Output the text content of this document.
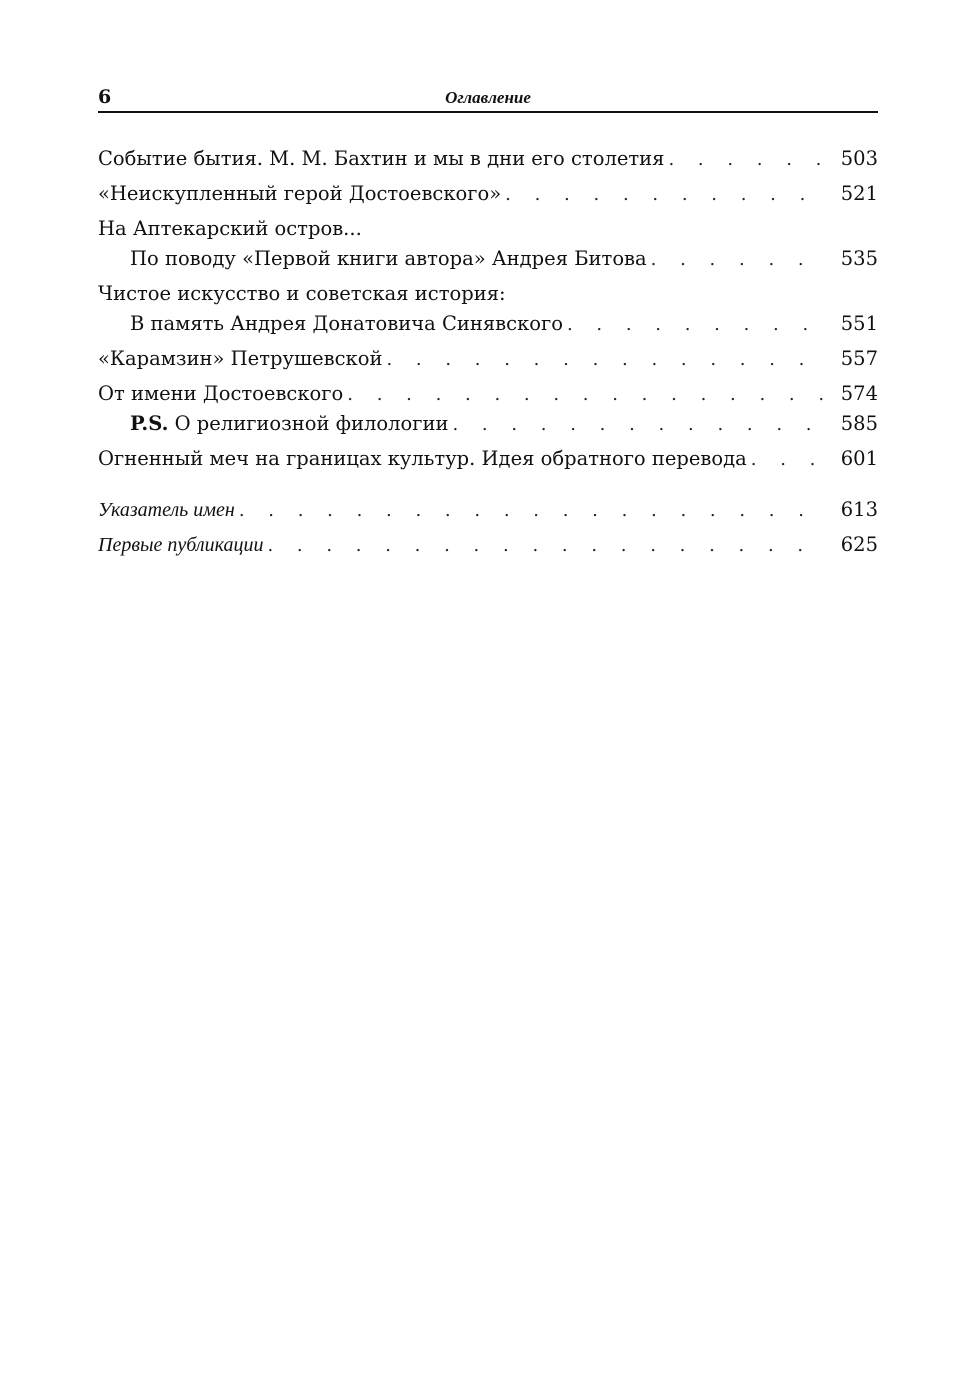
6	Оглавление
Событие бытия. М. М. Бахтин и мы в дни его столетия . . .	503
«Неискупленный герой Достоевского» . . .	521
На Аптекарский остров...
По поводу «Первой книги автора» Андрея Битова . . .	535
Чистое искусство и советская история:
В память Андрея Донатовича Синявского . . .	551
«Карамзин» Петрушевской . . .	557
От имени Достоевского . . .	574
P.S. О религиозной филологии . . .	585
Огненный меч на границах культур. Идея обратного перевода . . .	601
Указатель имен . . .	613
Первые публикации . . .	625
